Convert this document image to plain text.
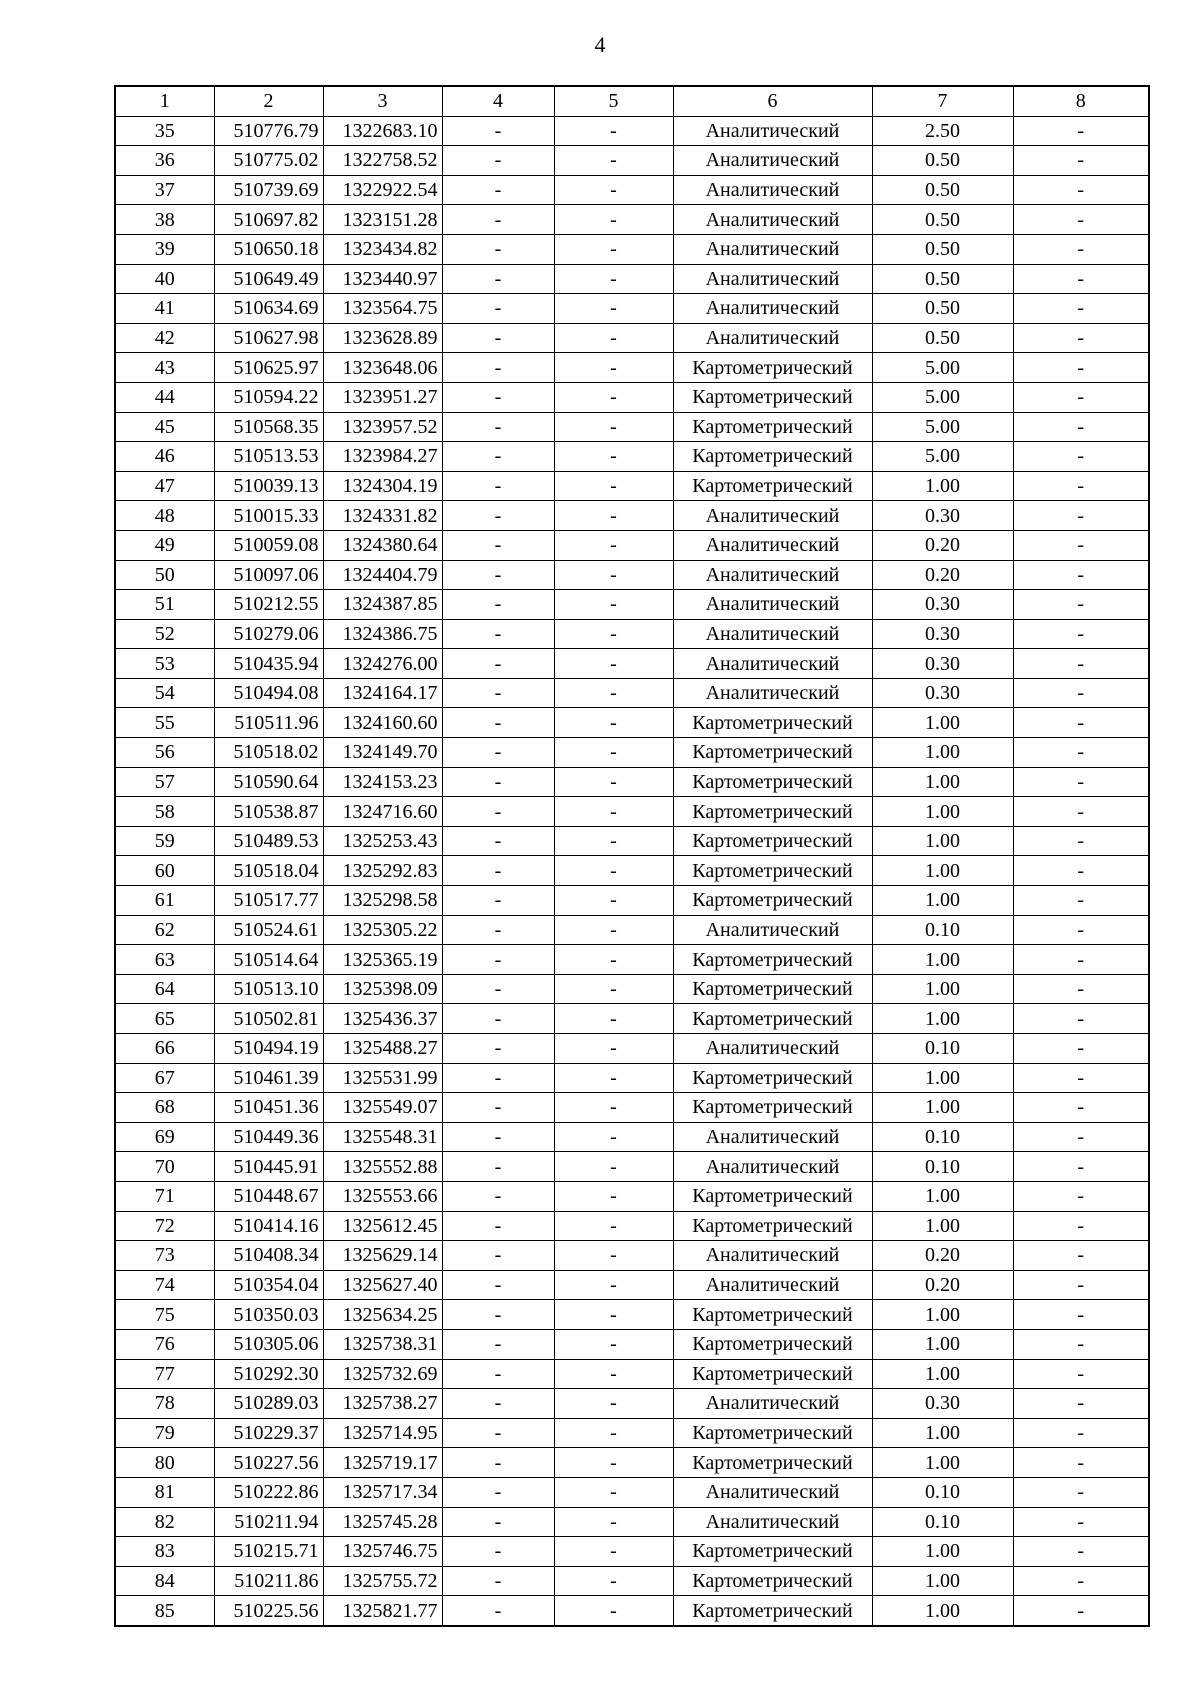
4
1	2	3	4	5	6	7	8
35	510776.79	1322683.10	-	-	Аналитический	2.50	-
36	510775.02	1322758.52	-	-	Аналитический	0.50	-
37	510739.69	1322922.54	-	-	Аналитический	0.50	-
38	510697.82	1323151.28	-	-	Аналитический	0.50	-
39	510650.18	1323434.82	-	-	Аналитический	0.50	-
40	510649.49	1323440.97	-	-	Аналитический	0.50	-
41	510634.69	1323564.75	-	-	Аналитический	0.50	-
42	510627.98	1323628.89	-	-	Аналитический	0.50	-
43	510625.97	1323648.06	-	-	Картометрический	5.00	-
44	510594.22	1323951.27	-	-	Картометрический	5.00	-
45	510568.35	1323957.52	-	-	Картометрический	5.00	-
46	510513.53	1323984.27	-	-	Картометрический	5.00	-
47	510039.13	1324304.19	-	-	Картометрический	1.00	-
48	510015.33	1324331.82	-	-	Аналитический	0.30	-
49	510059.08	1324380.64	-	-	Аналитический	0.20	-
50	510097.06	1324404.79	-	-	Аналитический	0.20	-
51	510212.55	1324387.85	-	-	Аналитический	0.30	-
52	510279.06	1324386.75	-	-	Аналитический	0.30	-
53	510435.94	1324276.00	-	-	Аналитический	0.30	-
54	510494.08	1324164.17	-	-	Аналитический	0.30	-
55	510511.96	1324160.60	-	-	Картометрический	1.00	-
56	510518.02	1324149.70	-	-	Картометрический	1.00	-
57	510590.64	1324153.23	-	-	Картометрический	1.00	-
58	510538.87	1324716.60	-	-	Картометрический	1.00	-
59	510489.53	1325253.43	-	-	Картометрический	1.00	-
60	510518.04	1325292.83	-	-	Картометрический	1.00	-
61	510517.77	1325298.58	-	-	Картометрический	1.00	-
62	510524.61	1325305.22	-	-	Аналитический	0.10	-
63	510514.64	1325365.19	-	-	Картометрический	1.00	-
64	510513.10	1325398.09	-	-	Картометрический	1.00	-
65	510502.81	1325436.37	-	-	Картометрический	1.00	-
66	510494.19	1325488.27	-	-	Аналитический	0.10	-
67	510461.39	1325531.99	-	-	Картометрический	1.00	-
68	510451.36	1325549.07	-	-	Картометрический	1.00	-
69	510449.36	1325548.31	-	-	Аналитический	0.10	-
70	510445.91	1325552.88	-	-	Аналитический	0.10	-
71	510448.67	1325553.66	-	-	Картометрический	1.00	-
72	510414.16	1325612.45	-	-	Картометрический	1.00	-
73	510408.34	1325629.14	-	-	Аналитический	0.20	-
74	510354.04	1325627.40	-	-	Аналитический	0.20	-
75	510350.03	1325634.25	-	-	Картометрический	1.00	-
76	510305.06	1325738.31	-	-	Картометрический	1.00	-
77	510292.30	1325732.69	-	-	Картометрический	1.00	-
78	510289.03	1325738.27	-	-	Аналитический	0.30	-
79	510229.37	1325714.95	-	-	Картометрический	1.00	-
80	510227.56	1325719.17	-	-	Картометрический	1.00	-
81	510222.86	1325717.34	-	-	Аналитический	0.10	-
82	510211.94	1325745.28	-	-	Аналитический	0.10	-
83	510215.71	1325746.75	-	-	Картометрический	1.00	-
84	510211.86	1325755.72	-	-	Картометрический	1.00	-
85	510225.56	1325821.77	-	-	Картометрический	1.00	-
